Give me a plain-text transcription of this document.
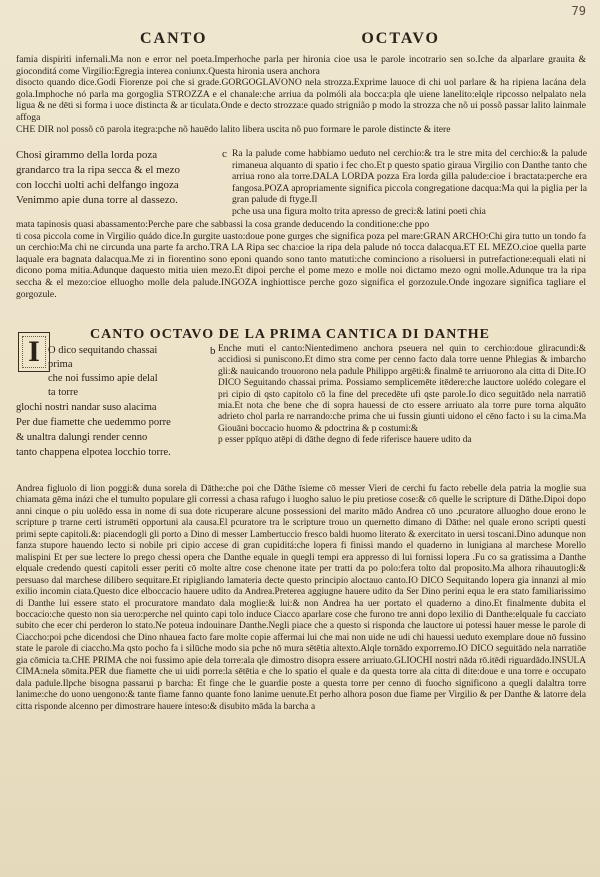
79
CANTO	OCTAVO

famia dispiriti infernali.Ma non e error nel poeta.Imperhoche parla per hironia cioe usa le parole incotrario sen so.Iche da alparlare grauita & gioconditá come Virgilio:Egregia interea coniunx.Questa hironia usera anchora

disocto quando dice.Godi Fiorenze poi che si grade.GORGOGLAVONO nela strozza.Exprime lauoce di chi uol parlare & ha ripiena lacána dela gola.Imphoche nó parla ma gorgoglia STROZZA e el chanale:che arriua da polmóli ala bocca:pla qle uiene lanelito:elqle ripcosso nelpalato nela ligua & ne dēti si forma i uoce distincta & ar ticulata.Onde e decto strozza:e quado strignião p modo la strozza che nõ ui possõ passar lalito lainmale affoga

CHE DIR nol possõ cō parola itegra:pche nõ hauēdo lalito libera uscita nõ puo formare le parole distincte & itere

Chosi girammo della lorda poza

grandarco tra la ripa secca & el mezo

con locchi uolti achi delfango ingoza

Venimmo apie duna torre al dassezo.

c Ra la palude come habbiamo ueduto nel cerchio:& tra le stre mita del cerchio:& la palude rimaneua alquanto di spatio i fec cho.Et p questo spatio giraua Virgilio con Danthe tanto che arriua rono ala torre.DALA LORDA pozza Era lorda gilla palude:cioe i bractata:perche era fangosa.POZA apropriamente significa piccola congregatione dacqua:Ma qui la piglia per la gran palude di ftyge.Il

pche usa una figura molto trita apresso de greci:& latini poeti chia

mata tapinosis quasi abassamento:Perche pare che sabbassi la cosa grande deducendo la conditione:che ppo

ti cosa piccola come in Virgilio quádo dice.In gurgite uasto:doue pone gurges che significa poza pel mare:GRAN ARCHO:Chi gira tutto un tondo fa un cerchio:Ma chi ne circunda una parte fa archo.TRA LA Ripa sec cha:cioe la ripa dela palude nó tocca dalacqua.ET EL MEZO.cioe quella parte laquale era bagnata dalacqua.Me zi in fiorentino sono eponi quando sono tanto matuti:che cominciono a risoluersi in putrefactione:equali elati ni dicono poma mitia.Adunque daquesto mitia uien mezo.Et dipoi perche el pome mezo e molle noi dictamo mezo ogni molle.Adunque tra la ripa seccha & el mezo:cioe elluogho molle dela palude.INGOZA inghiottisce perche gozo significa el gorzozule.Onde ingozare significa tagliare el gorgozule.

CANTO OCTAVO DE LA PRIMA CANTICA DI DANTHE
I O dico sequitando chassai

prima

che noi fussimo apie delal

ta torre

glochi nostri nandar suso alacima

Per due fiamette che uedemmo porre

& unaltra dalungi render cenno

tanto chappena elpotea locchio torre.

b Enche muti el canto:Nientedimeno anchora pseuera nel quin to cerchio:doue gliracundi:& accidiosi si puniscono.Et dimo stra come per cenno facto dala torre uenne Phlegias & imbarcho gli:& nauicando trouorono nela padule Philippo argēti:& finalmē te arriuorono ala citta di Dite.IO DICO Seguitando chassai prima. Possiamo semplicemēte itēdere:che lauctore uolédo colegare el pri cipio di qsto capitolo cō la fine del precedēte ufi qste parole.Io dico seguitādo nela narratiō mia.Et nota che bene che di sopra hauessi de cto essere arriuato ala torre pure torna alquāto adrieto chol parla re narrando:che prima che ui fussin giunti uidono el cēno facto i su la cima.Ma Giouāni boccacio huomo & pdoctrina & p costumi:&

p esser ppīquo atēpi di dāthe degno di fede riferisce hauere udito da

Andrea figluolo di lion poggi:& duna sorela di Dāthe:che poi che Dāthe īsieme cō messer Vieri de cerchi fu facto rebelle dela patria la moglie sua chiamata gēma inázi che el tumulto populare gli corressi a chasa rafugo i luogho saluo le piu pretiose cose:& cō quelle le scripture di Dāthe.Dipoi dopo anni cinque o piu uolēdo essa in nome di sua dote ricuperare alcune possessioni del marito mādo Andrea cō uno .pcuratore alluogho doue erono le scripture p trarne certi istrumēti opportuni ala causa.El pcuratore tra le scripture trouo un quernetto dimano di Dāthe: nel quale erono scripti questi primi septe capitoli.&: piacendogli gli porto a Dino di messer Lambertuccio fresco baldi huomo literato & exercitato in uersi toscani.Dino adunque non fanza stupore hauendo lecto si nobile pri cipio accese di gran cupiditá:che lopera fi finissi mando el quaderno in lunigiana al marchese Morello malispini Et per sue lectere lo prego chessi opera che Danthe equale in quegli tempi era appresso di lui fornissi lopera .Fu co sa gratissima a Danthe elquale credendo questi capitoli esser periti cō molte altre cose chenone itate per tratti da po polo:fera tolto dal proposito.Ma alhora rihauutogli:& persuaso dal marchese dilibero sequitare.Et ripigliando lamateria decte questo principio aloctauo canto.IO DICO Sequitando lopera gia innanzi al mio exilio incomin ciata.Questo dice elboccacio hauere udito da Andrea.Preterea aggiugne hauere udito da Ser Dino perini equa le era stato familiarissimo di Danthe lui essere stato el procuratore mandato dala moglie:& lui:& non Andrea ha uer portato el quaderno a dino.Et finalmente dubita el boccacio:che questo non sia uero:perche nel quinto capi tolo induce Ciacco aparlare cose che furono tre anni dopo lexilio di Danthe:elquale fu cacciato subito che ecer chi perderon lo stato.Ne poteua indouinare Danthe.Negli piace che a questo si risponda che lauctore ui potessi hauer messe le parole di Ciaccho:poi pche dicendosi che Dino nhauea facto fare molte copie affermai lui che mai non uide ne udi chi hauessi ueduto exemplare doue nō fussino state le parole di ciaccho.Ma qsto pocho fa i silūche modo sia pche nō mura sētētia altexto.Alqle tornādo exporremo.IO DICO seguitādo nela narratiōe gia cōmicia ta.CHE PRIMA che noi fussimo apie dela torre:ala qle dimostro disopra essere arriuato.GLIOCHI nostri nāda rō.itēdi riguardādo.INSULA CIMA:nela sōmita.PER due fiamette che ui uidi porre:la sētētia e che lo spatio el quale e da questa torre ala citta di dite:doue e una torre e occupato dala padule.Ilpche bisogna passarui p barcha: Et finge che le guardie poste a questa torre per cenno di fuocho significono a quegli dalaltra torre lanime:che do uono uengono:& tante fiame fanno quante fono lanime uenute.Et perho alhora poson due fiame per Virgilio & per Danthe & latorre dela citta risponde alcenno per dimostrare hauere inteso:& disubito māda la barcha a
